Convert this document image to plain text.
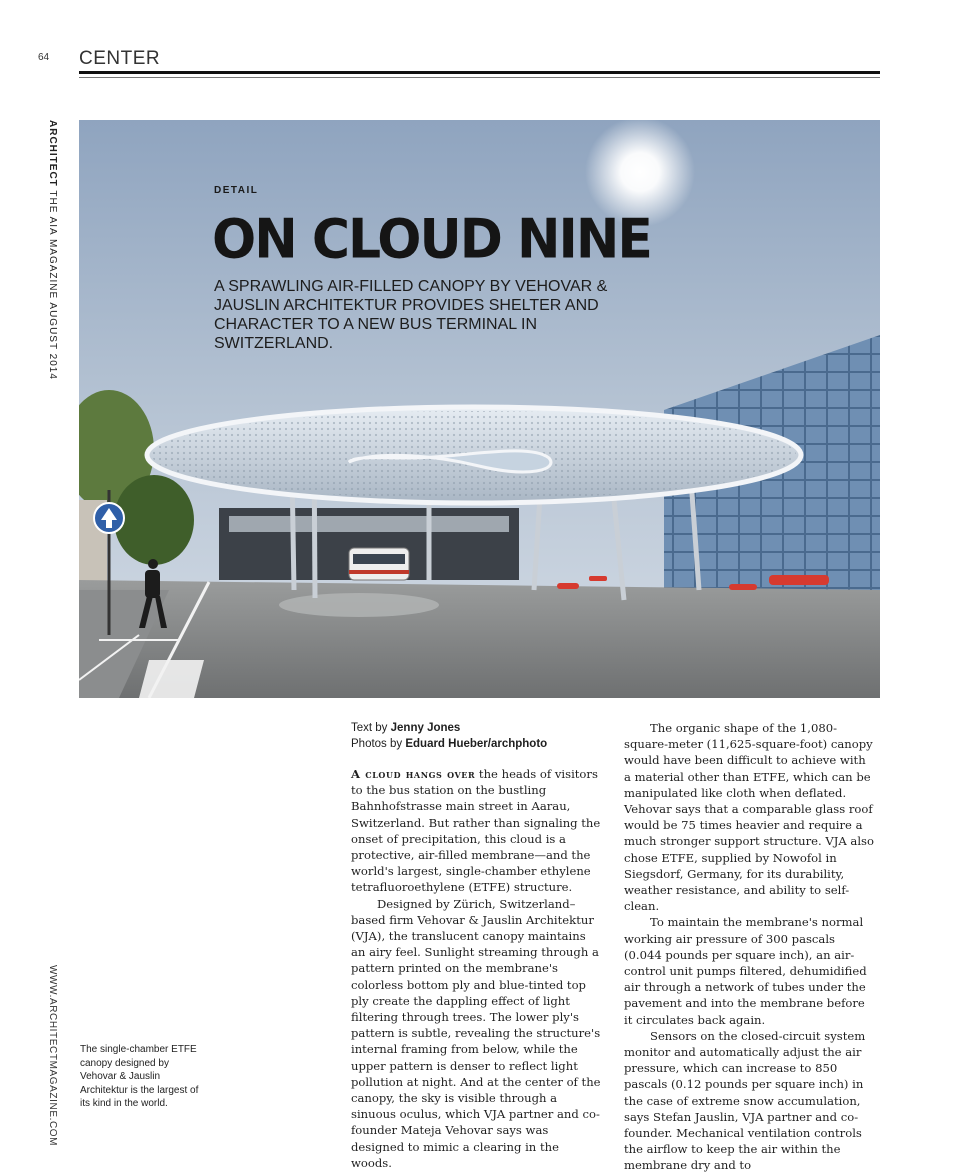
64 CENTER
ARCHITECT THE AIA MAGAZINE AUGUST 2014
WWW.ARCHITECTMAGAZINE.COM
DETAIL
ON CLOUD NINE

A SPRAWLING AIR-FILLED CANOPY BY VEHOVAR & JAUSLIN ARCHITEKTUR PROVIDES SHELTER AND CHARACTER TO A NEW BUS TERMINAL IN SWITZERLAND.

The single-chamber ETFE canopy designed by Vehovar & Jauslin Architektur is the largest of its kind in the world.
Text by Jenny Jones
Photos by Eduard Hueber/archphoto

A cloud hangs over the heads of visitors to the bus station on the bustling Bahnhofstrasse main street in Aarau, Switzerland. But rather than signaling the onset of precipitation, this cloud is a protective, air-filled membrane—and the world's largest, single-chamber ethylene tetrafluoroethylene (ETFE) structure.

Designed by Zürich, Switzerland–based firm Vehovar & Jauslin Architektur (VJA), the translucent canopy maintains an airy feel. Sunlight streaming through a pattern printed on the membrane's colorless bottom ply and blue-tinted top ply create the dappling effect of light filtering through trees. The lower ply's pattern is subtle, revealing the structure's internal framing from below, while the upper pattern is denser to reflect light pollution at night. And at the center of the canopy, the sky is visible through a sinuous oculus, which VJA partner and co-founder Mateja Vehovar says was designed to mimic a clearing in the woods.

The organic shape of the 1,080-square-meter (11,625-square-foot) canopy would have been difficult to achieve with a material other than ETFE, which can be manipulated like cloth when deflated. Vehovar says that a comparable glass roof would be 75 times heavier and require a much stronger support structure. VJA also chose ETFE, supplied by Nowofol in Siegsdorf, Germany, for its durability, weather resistance, and ability to self-clean.

To maintain the membrane's normal working air pressure of 300 pascals (0.044 pounds per square inch), an air-control unit pumps filtered, dehumidified air through a network of tubes under the pavement and into the membrane before it circulates back again.

Sensors on the closed-circuit system monitor and automatically adjust the air pressure, which can increase to 850 pascals (0.12 pounds per square inch) in the case of extreme snow accumulation, says Stefan Jauslin, VJA partner and co-founder. Mechanical ventilation controls the airflow to keep the air within the membrane dry and to
